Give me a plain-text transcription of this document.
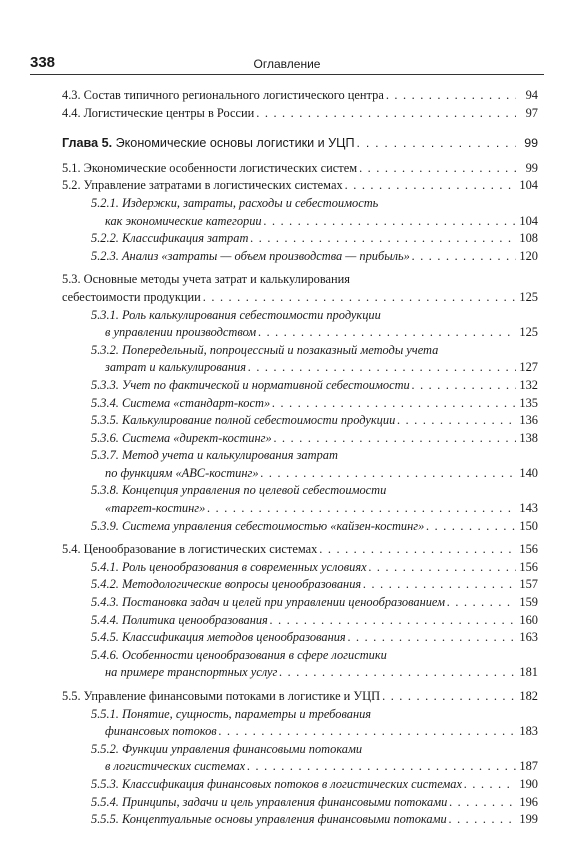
338	Оглавление
4.3. Состав типичного регионального логистического центра . . .	94
4.4. Логистические центры в России . . .	97
Глава 5. Экономические основы логистики и УЦП . . .	99
5.1. Экономические особенности логистических систем . . .	99
5.2. Управление затратами в логистических системах . . .	104
5.2.1. Издержки, затраты, расходы и себестоимость
как экономические категории . . .	104
5.2.2. Классификация затрат . . .	108
5.2.3. Анализ «затраты — объем производства — прибыль» . . .	120
5.3. Основные методы учета затрат и калькулирования
себестоимости продукции . . .	125
5.3.1. Роль калькулирования себестоимости продукции
в управлении производством . . .	125
5.3.2. Попередельный, попроцессный и позаказный методы учета
затрат и калькулирования . . .	127
5.3.3. Учет по фактической и нормативной себестоимости . . .	132
5.3.4. Система «стандарт-кост» . . .	135
5.3.5. Калькулирование полной себестоимости продукции . . .	136
5.3.6. Система «директ-костинг» . . .	138
5.3.7. Метод учета и калькулирования затрат
по функциям «ABC-костинг» . . .	140
5.3.8. Концепция управления по целевой себестоимости
«таргет-костинг» . . .	143
5.3.9. Система управления себестоимостью «кайзен-костинг» . . .	150
5.4. Ценообразование в логистических системах . . .	156
5.4.1. Роль ценообразования в современных условиях . . .	156
5.4.2. Методологические вопросы ценообразования . . .	157
5.4.3. Постановка задач и целей при управлении ценообразованием . . .	159
5.4.4. Политика ценообразования . . .	160
5.4.5. Классификация методов ценообразования . . .	163
5.4.6. Особенности ценообразования в сфере логистики
на примере транспортных услуг . . .	181
5.5. Управление финансовыми потоками в логистике и УЦП . . .	182
5.5.1. Понятие, сущность, параметры и требования
финансовых потоков . . .	183
5.5.2. Функции управления финансовыми потоками
в логистических системах . . .	187
5.5.3. Классификация финансовых потоков в логистических системах . . .	190
5.5.4. Принципы, задачи и цель управления финансовыми потоками . . .	196
5.5.5. Концептуальные основы управления финансовыми потоками . . .	199
